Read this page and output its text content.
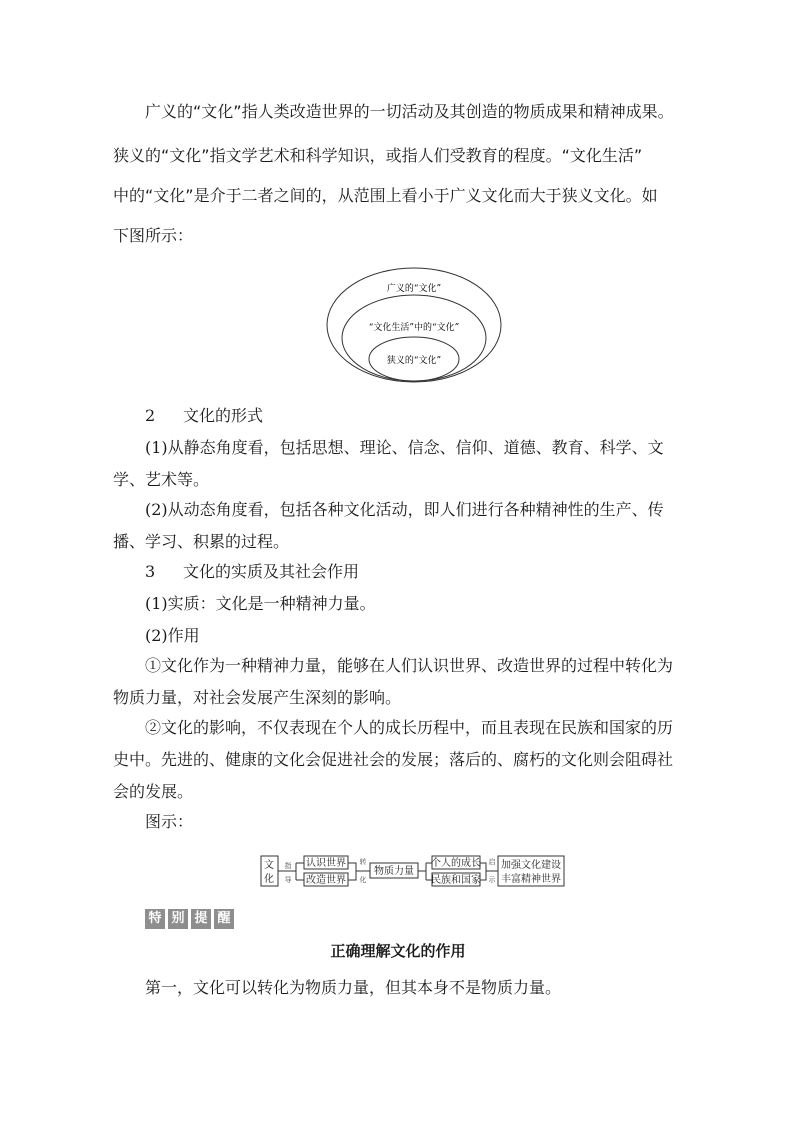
广义的“文化”指人类改造世界的一切活动及其创造的物质成果和精神成果。

狭义的“文化”指文学艺术和科学知识，或指人们受教育的程度。“文化生活”

中的“文化”是介于二者之间的，从范围上看小于广义文化而大于狭义文化。如

下图所示：

广义的“文化”
“文化生活”中的“文化”
狭义的“文化”

2 文化的形式

(1)从静态角度看，包括思想、理论、信念、信仰、道德、教育、科学、文学、艺术等。

(2)从动态角度看，包括各种文化活动，即人们进行各种精神性的生产、传播、学习、积累的过程。

3 文化的实质及其社会作用

(1)实质：文化是一种精神力量。

(2)作用

①文化作为一种精神力量，能够在人们认识世界、改造世界的过程中转化为物质力量，对社会发展产生深刻的影响。

②文化的影响，不仅表现在个人的成长历程中，而且表现在民族和国家的历史中。先进的、健康的文化会促进社会的发展；落后的、腐朽的文化则会阻碍社会的发展。

图示：

文
化
认识世界
改造世界
物质力量
个人的成长
民族和国家
加强文化建设
丰富精神世界
指
导
转
化
启
示
特 别 提 醒
正确理解文化的作用

第一，文化可以转化为物质力量，但其本身不是物质力量。
